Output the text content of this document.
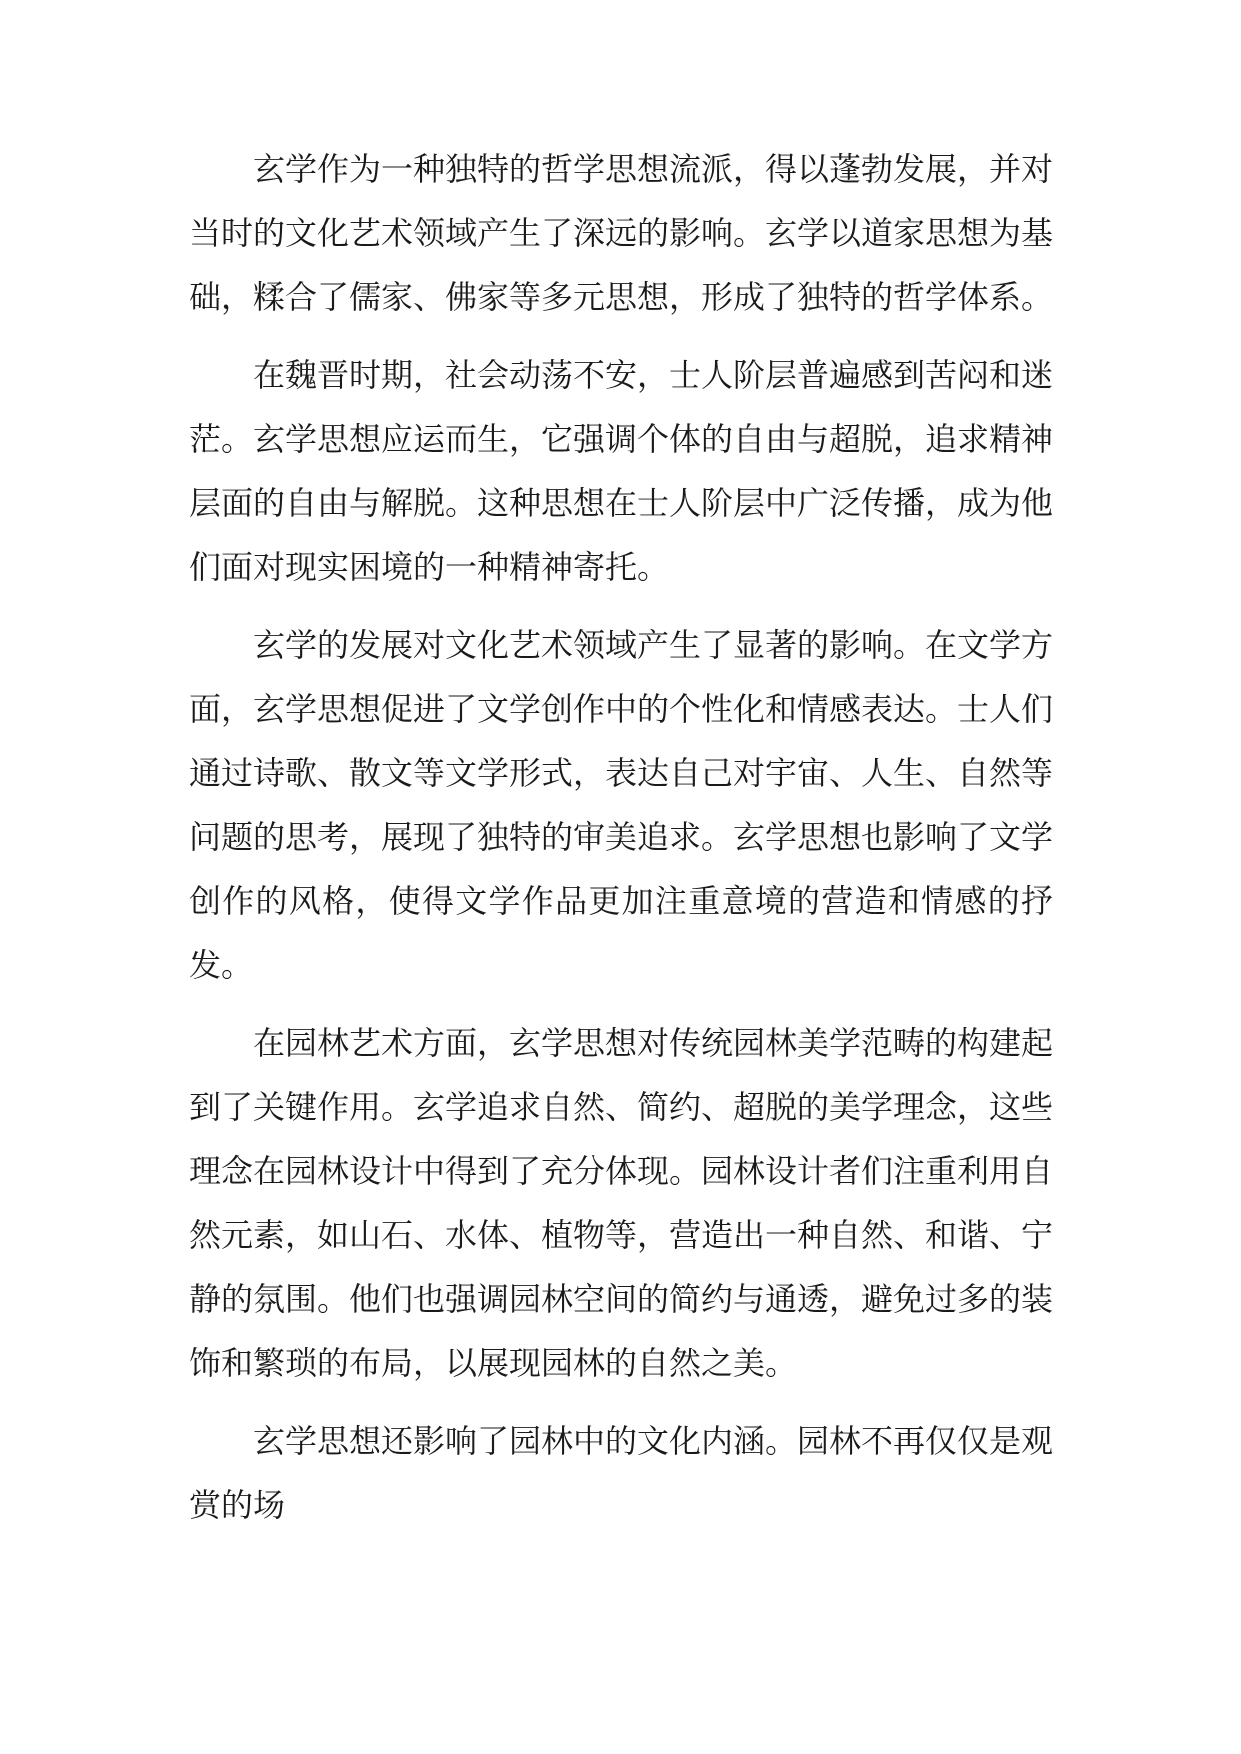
玄学作为一种独特的哲学思想流派，得以蓬勃发展，并对当时的文化艺术领域产生了深远的影响。玄学以道家思想为基础，糅合了儒家、佛家等多元思想，形成了独特的哲学体系。

在魏晋时期，社会动荡不安，士人阶层普遍感到苦闷和迷茫。玄学思想应运而生，它强调个体的自由与超脱，追求精神层面的自由与解脱。这种思想在士人阶层中广泛传播，成为他们面对现实困境的一种精神寄托。

玄学的发展对文化艺术领域产生了显著的影响。在文学方面，玄学思想促进了文学创作中的个性化和情感表达。士人们通过诗歌、散文等文学形式，表达自己对宇宙、人生、自然等问题的思考，展现了独特的审美追求。玄学思想也影响了文学创作的风格，使得文学作品更加注重意境的营造和情感的抒发。

在园林艺术方面，玄学思想对传统园林美学范畴的构建起到了关键作用。玄学追求自然、简约、超脱的美学理念，这些理念在园林设计中得到了充分体现。园林设计者们注重利用自然元素，如山石、水体、植物等，营造出一种自然、和谐、宁静的氛围。他们也强调园林空间的简约与通透，避免过多的装饰和繁琐的布局，以展现园林的自然之美。

玄学思想还影响了园林中的文化内涵。园林不再仅仅是观赏的场
